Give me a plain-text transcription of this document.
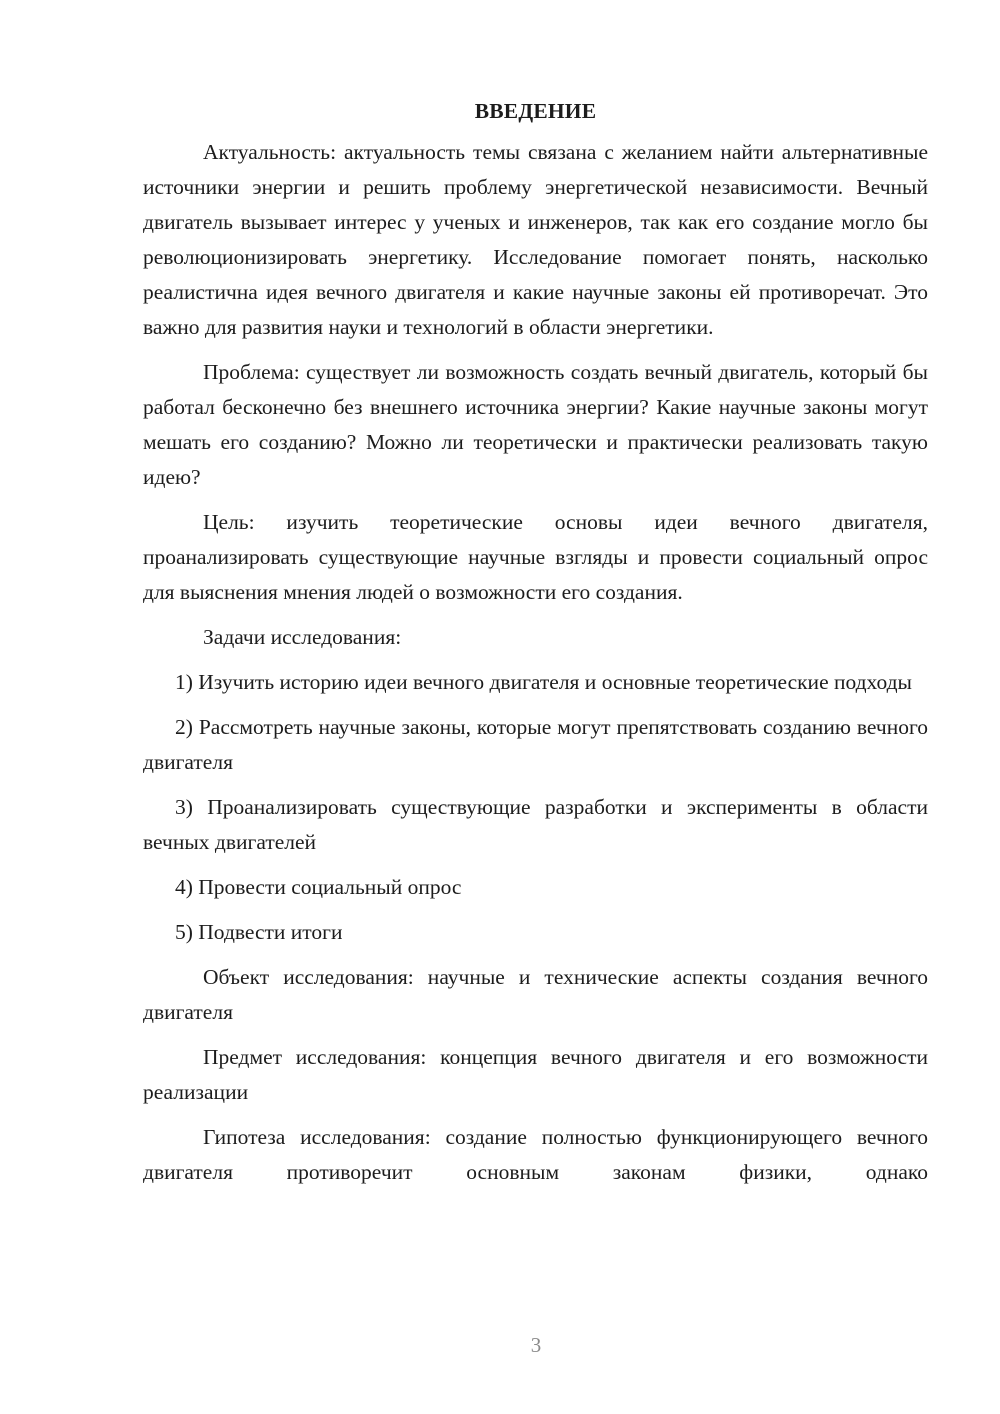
ВВЕДЕНИЕ

Актуальность: актуальность темы связана с желанием найти альтернативные источники энергии и решить проблему энергетической независимости. Вечный двигатель вызывает интерес у ученых и инженеров, так как его создание могло бы революционизировать энергетику. Исследование помогает понять, насколько реалистична идея вечного двигателя и какие научные законы ей противоречат. Это важно для развития науки и технологий в области энергетики.

Проблема: существует ли возможность создать вечный двигатель, который бы работал бесконечно без внешнего источника энергии? Какие научные законы могут мешать его созданию? Можно ли теоретически и практически реализовать такую идею?

Цель: изучить теоретические основы идеи вечного двигателя, проанализировать существующие научные взгляды и провести социальный опрос для выяснения мнения людей о возможности его создания.

Задачи исследования:

1) Изучить историю идеи вечного двигателя и основные теоретические подходы

2) Рассмотреть научные законы, которые могут препятствовать созданию вечного двигателя

3) Проанализировать существующие разработки и эксперименты в области вечных двигателей

4) Провести социальный опрос

5) Подвести итоги

Объект исследования: научные и технические аспекты создания вечного двигателя

Предмет исследования: концепция вечного двигателя и его возможности реализации

Гипотеза исследования: создание полностью функционирующего вечного двигателя противоречит основным законам физики, однако

3
